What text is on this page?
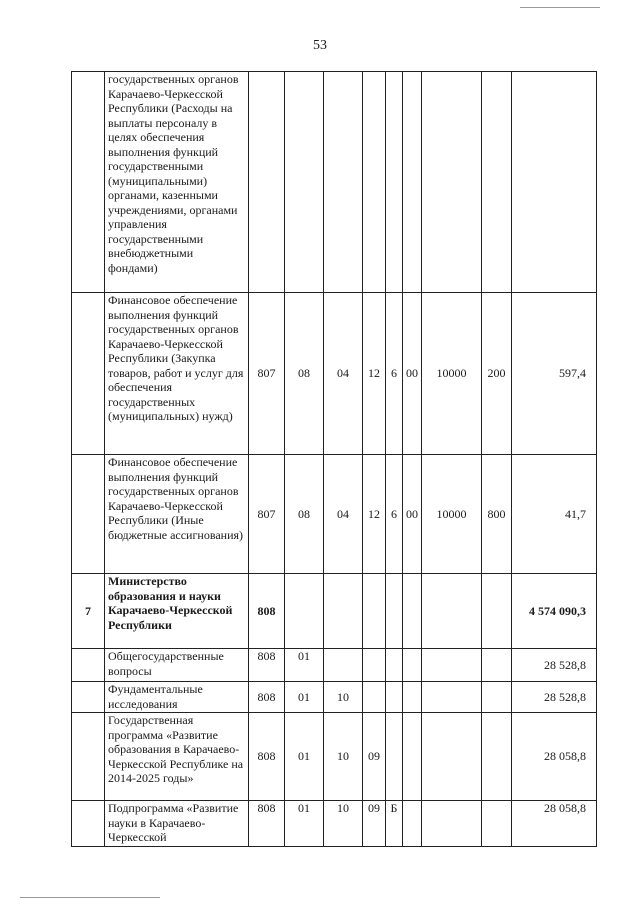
53
	государственных органов Карачаево-Черкесской Республики (Расходы на выплаты персоналу в целях обеспечения выполнения функций государственными (муниципальными) органами, казенными учреждениями, органами управления государственными внебюджетными фондами)									
	Финансовое обеспечение выполнения функций государственных органов Карачаево-Черкесской Республики (Закупка товаров, работ и услуг для обеспечения государственных (муниципальных) нужд)	807	08	04	12	6	00	10000	200	597,4
	Финансовое обеспечение выполнения функций государственных органов Карачаево-Черкесской Республики (Иные бюджетные ассигнования)	807	08	04	12	6	00	10000	800	41,7
7	Министерство образования и науки Карачаево-Черкесской Республики	808								4 574 090,3
	Общегосударственные вопросы	808	01							28 528,8
	Фундаментальные исследования	808	01	10						28 528,8
	Государственная программа «Развитие образования в Карачаево-Черкесской Республике на 2014-2025 годы»	808	01	10	09					28 058,8
	Подпрограмма «Развитие науки в Карачаево-Черкесской	808	01	10	09	Б				28 058,8
